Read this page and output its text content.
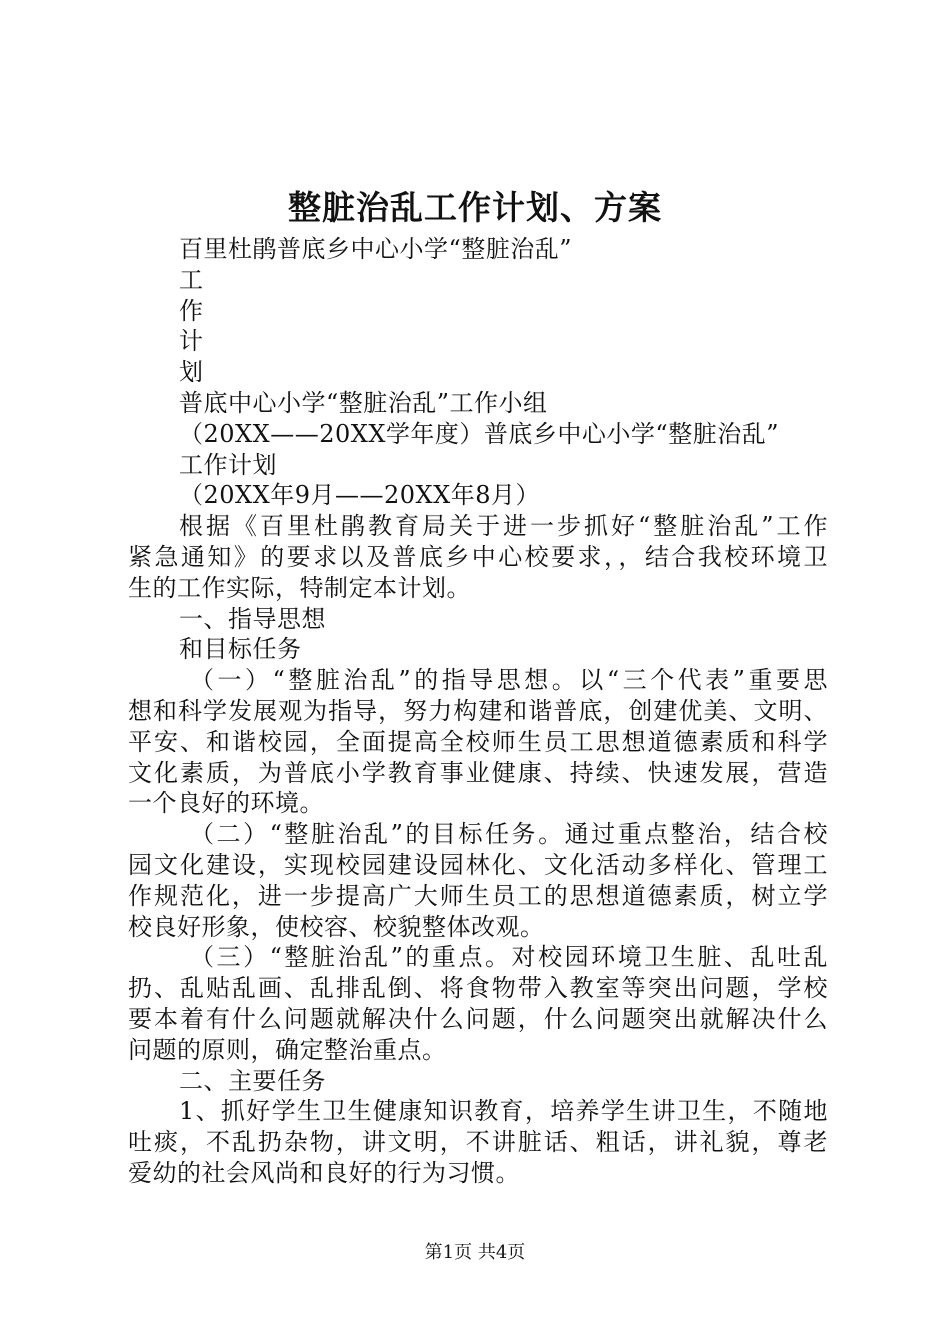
整脏治乱工作计划、方案
百里杜鹃普底乡中心小学“整脏治乱”
工
作
计
划
普底中心小学“整脏治乱”工作小组
（20XX——20XX学年度）普底乡中心小学“整脏治乱”
工作计划
（20XX年9月——20XX年8月）
根据《百里杜鹃教育局关于进一步抓好“整脏治乱”工作
紧急通知》的要求以及普底乡中心校要求，，结合我校环境卫
生的工作实际，特制定本计划。
一、指导思想
和目标任务
（一）“整脏治乱”的指导思想。以“三个代表”重要思
想和科学发展观为指导，努力构建和谐普底，创建优美、文明、
平安、和谐校园，全面提高全校师生员工思想道德素质和科学
文化素质，为普底小学教育事业健康、持续、快速发展，营造
一个良好的环境。
（二）“整脏治乱”的目标任务。通过重点整治，结合校
园文化建设，实现校园建设园林化、文化活动多样化、管理工
作规范化，进一步提高广大师生员工的思想道德素质，树立学
校良好形象，使校容、校貌整体改观。
（三）“整脏治乱”的重点。对校园环境卫生脏、乱吐乱
扔、乱贴乱画、乱排乱倒、将食物带入教室等突出问题，学校
要本着有什么问题就解决什么问题，什么问题突出就解决什么
问题的原则，确定整治重点。
二、主要任务
1、抓好学生卫生健康知识教育，培养学生讲卫生，不随地
吐痰，不乱扔杂物，讲文明，不讲脏话、粗话，讲礼貌，尊老
爱幼的社会风尚和良好的行为习惯。
第1页 共4页
